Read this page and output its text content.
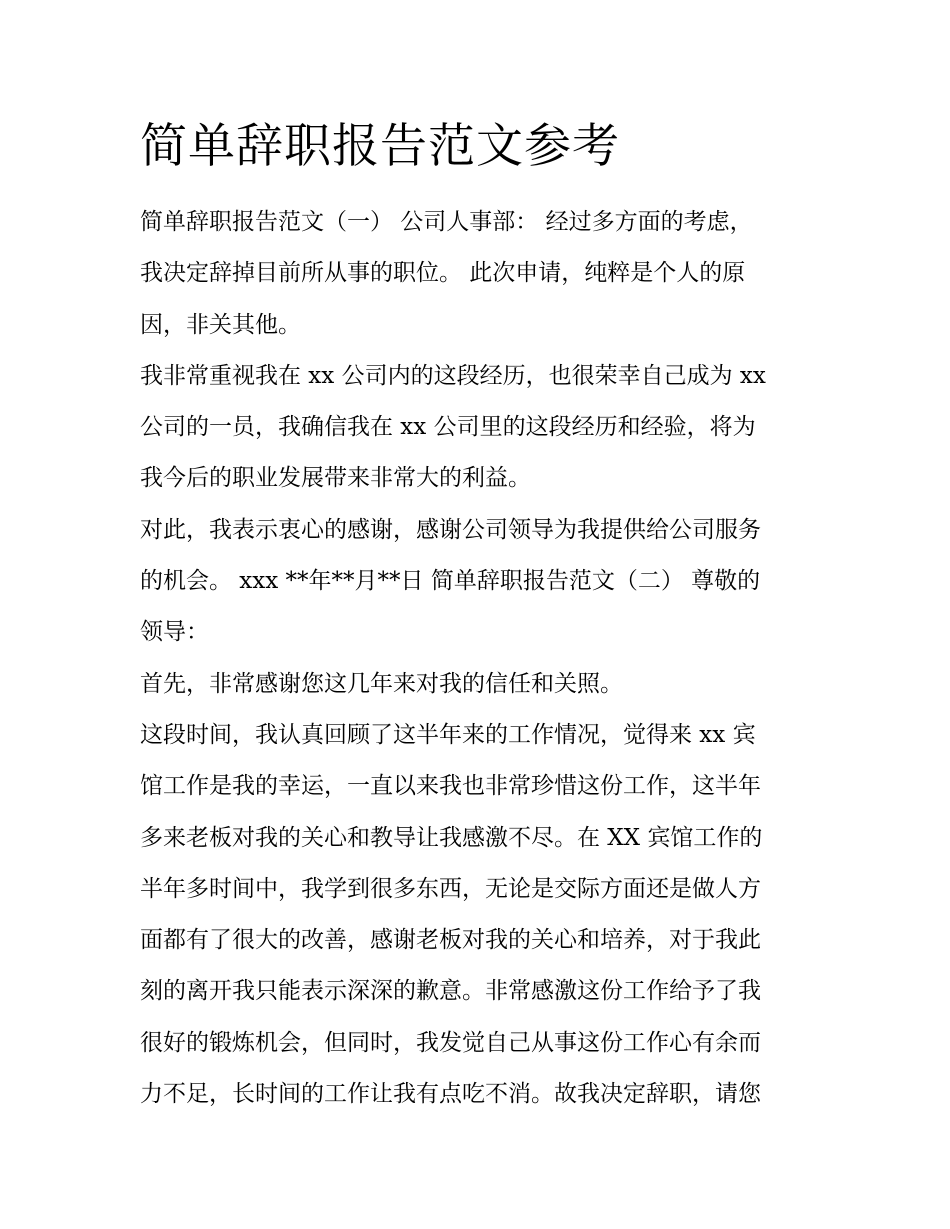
简单辞职报告范文参考
简单辞职报告范文（一） 公司人事部： 经过多方面的考虑，
我决定辞掉目前所从事的职位。 此次申请，纯粹是个人的原
因，非关其他。
我非常重视我在 xx 公司内的这段经历，也很荣幸自己成为 xx
公司的一员，我确信我在 xx 公司里的这段经历和经验，将为
我今后的职业发展带来非常大的利益。
对此，我表示衷心的感谢，感谢公司领导为我提供给公司服务
的机会。 xxx **年**月**日 简单辞职报告范文（二） 尊敬的
领导：
首先，非常感谢您这几年来对我的信任和关照。
这段时间，我认真回顾了这半年来的工作情况，觉得来 xx 宾
馆工作是我的幸运，一直以来我也非常珍惜这份工作，这半年
多来老板对我的关心和教导让我感激不尽。在 XX 宾馆工作的
半年多时间中，我学到很多东西，无论是交际方面还是做人方
面都有了很大的改善，感谢老板对我的关心和培养，对于我此
刻的离开我只能表示深深的歉意。非常感激这份工作给予了我
很好的锻炼机会，但同时，我发觉自己从事这份工作心有余而
力不足，长时间的工作让我有点吃不消。故我决定辞职，请您
